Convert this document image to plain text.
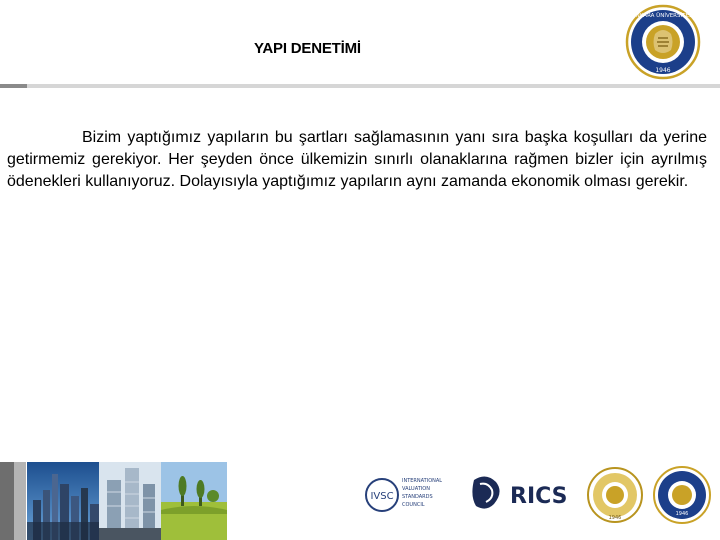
YAPI DENETİMİ
ANKARA ÜNİVERSİTESİ
1946

Bizim yaptığımız yapıların bu şartları sağlamasının yanı sıra başka koşulları da yerine getirmemiz gerekiyor. Her şeyden önce ülkemizin sınırlı olanaklarına rağmen bizler için ayrılmış ödenekleri kullanıyoruz. Dolayısıyla yaptığımız yapıların aynı zamanda ekonomik olması gerekir.

IVSC
INTERNATIONAL
VALUATION
STANDARDS
COUNCIL	RICS
1946
1946
